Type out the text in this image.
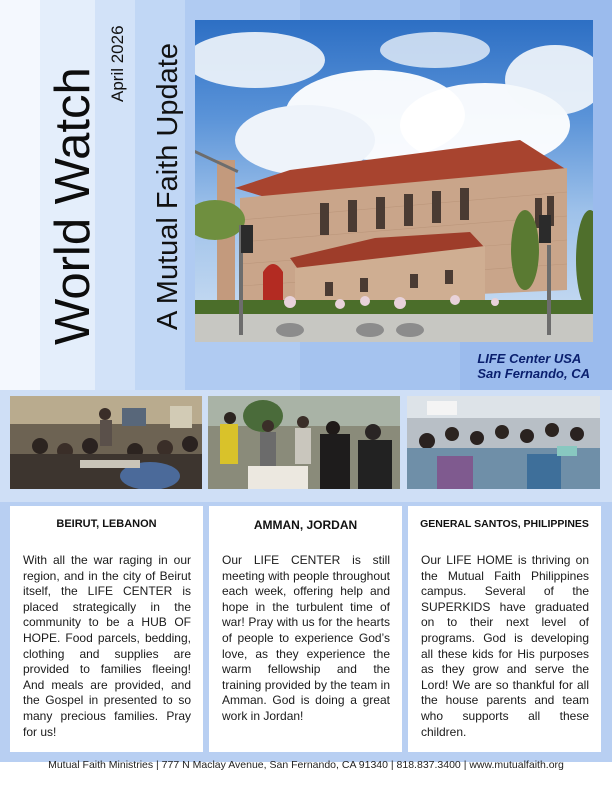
World Watch
April 2026 A Mutual Faith Update
LIFE Center USA
San Fernando, CA
BEIRUT, LEBANON
With all the war raging in our region, and in the city of Beirut itself, the LIFE CENTER is placed strategically in the community to be a HUB OF HOPE. Food parcels, bedding, clothing and supplies are provided to families fleeing! And meals are provided, and the Gospel in presented to so many precious families. Pray for us!
AMMAN, JORDAN
Our LIFE CENTER is still meeting with people throughout each week, offering help and hope in the turbulent time of war! Pray with us for the hearts of people to experience God’s love, as they experience the warm fellowship and the training provided by the team in Amman. God is doing a great work in Jordan!
GENERAL SANTOS, PHILIPPINES
Our LIFE HOME is thriving on the Mutual Faith Philippines campus. Several of the SUPERKIDS have graduated on to their next level of programs. God is developing all these kids for His purposes as they grow and serve the Lord! We are so thankful for all the house parents and team who supports all these children.
Mutual Faith Ministries | 777 N Maclay Avenue, San Fernando, CA 91340 | 818.837.3400 | www.mutualfaith.org
